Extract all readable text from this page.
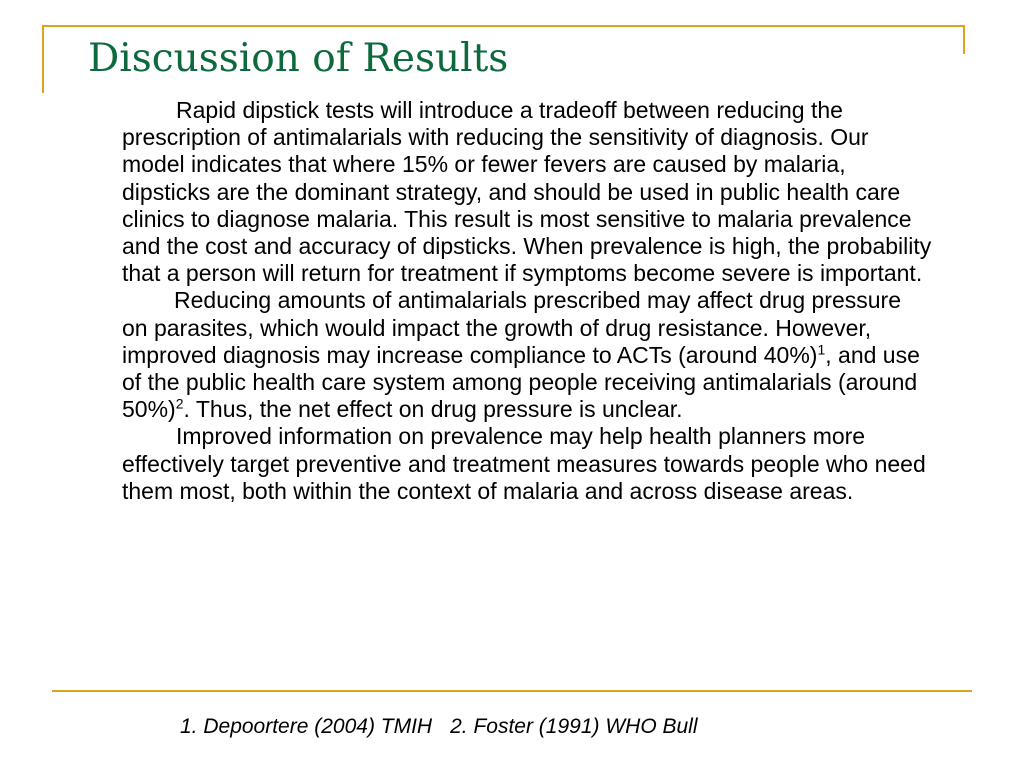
Discussion of Results

Rapid dipstick tests will introduce a tradeoff between reducing the prescription of antimalarials with reducing the sensitivity of diagnosis. Our model indicates that where 15% or fewer fevers are caused by malaria, dipsticks are the dominant strategy, and should be used in public health care clinics to diagnose malaria. This result is most sensitive to malaria prevalence and the cost and accuracy of dipsticks. When prevalence is high, the probability that a person will return for treatment if symptoms become severe is important.

Reducing amounts of antimalarials prescribed may affect drug pressure on parasites, which would impact the growth of drug resistance. However, improved diagnosis may increase compliance to ACTs (around 40%)$^1$, and use of the public health care system among people receiving antimalarials (around 50%)$^2$. Thus, the net effect on drug pressure is unclear.

Improved information on prevalence may help health planners more effectively target preventive and treatment measures towards people who need them most, both within the context of malaria and across disease areas.

1. Depoortere (2004) TMIH 2. Foster (1991) WHO Bull
